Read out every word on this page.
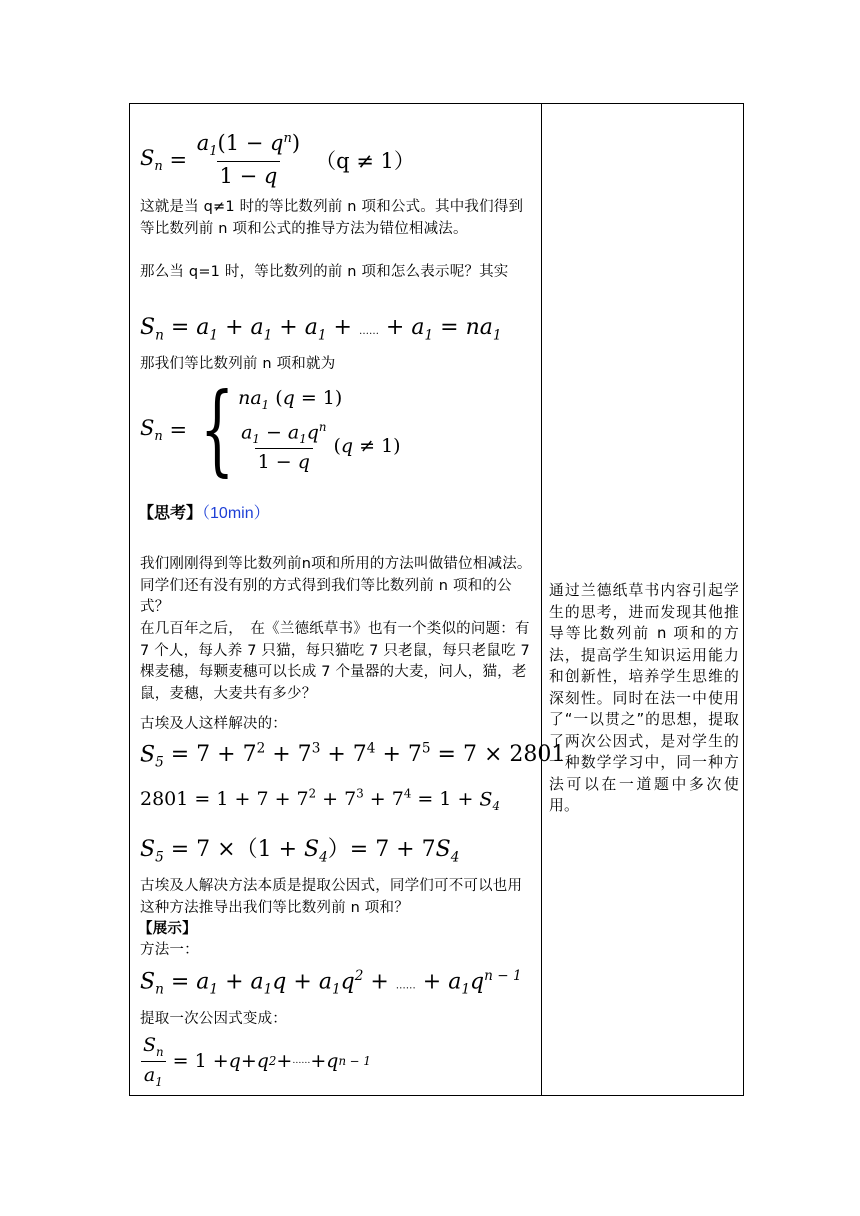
$S_n = \frac{a_1(1 - q^n)}{1 - q} (q \ne 1)$
这就是当 q≠1 时的等比数列前 n 项和公式。其中我们得到等比数列前 n 项和公式的推导方法为错位相减法。
那么当 q=1 时，等比数列的前 n 项和怎么表示呢？其实
$S_n = a_1 + a_1 + a_1$ + …… + $a_1 = na_1$
那我们等比数列前 n 项和就为
$S_n$ = { $na_1$ (q = 1)
$\frac{a_1 - a_1q^n}{1 - q} (q \ne 1)$
【思考】（10min）
我们刚刚得到等比数列前n项和所用的方法叫做错位相减法。同学们还有没有别的方式得到我们等比数列前 n 项和的公式？
在几百年之后，　在《兰德纸草书》也有一个类似的问题：有 7 个人，每人养 7 只猫，每只猫吃 7 只老鼠，每只老鼠吃 7 棵麦穗，每颗麦穗可以长成 7 个量器的大麦，问人，猫，老鼠，麦穗，大麦共有多少？
古埃及人这样解决的：
$S_5 = 7 + 7^2 + 7^3 + 7^4 + 7^5 = 7 \times 2801$
$2801 = 1 + 7 + 7^2 + 7^3 + 7^4 = 1 + S_4$
$S_5 = 7 \times(1 + S_4)= 7 + 7S_4$
古埃及人解决方法本质是提取公因式，同学们可不可以也用这种方法推导出我们等比数列前 n 项和？
【展示】
方法一：
$S_n = a_1 + a_1q + a_1q^2$ + …… + $a_1q^{n - 1}$
提取一次公因式变成：
$\frac{S_n}{a_1} = 1 + q + q$ 2 + …… + q n − 1
通过兰德纸草书内容引起学生的思考，进而发现其他推导等比数列前 n 项和的方法，提高学生知识运用能力和创新性，培养学生思维的深刻性。同时在法一中使用了“一以贯之”的思想，提取了两次公因式，是对学生的一种数学学习中，同一种方法可以在一道题中多次使用。
